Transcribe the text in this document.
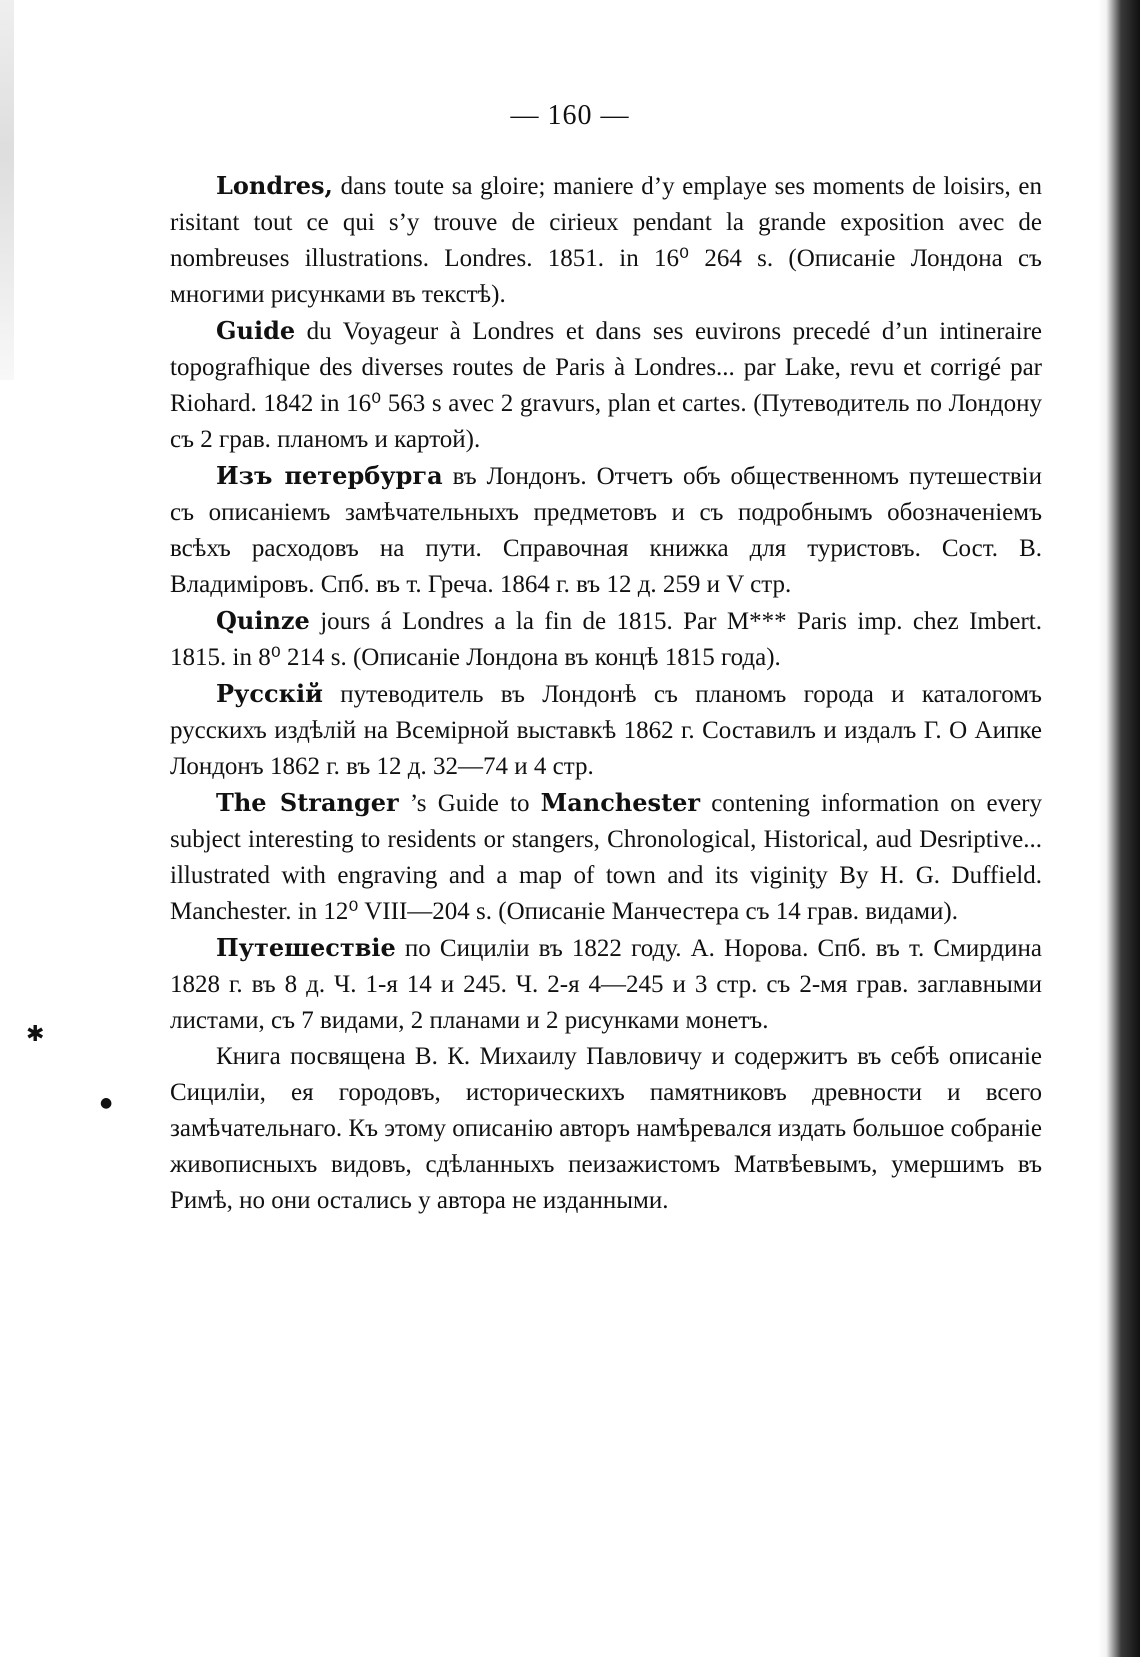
— 160 —

Londres, dans toute sa gloire; maniere d’y emplaye ses moments de loisirs, en risitant tout ce qui s’y trouve de cirieux pendant la grande exposition avec de nombreuses illustrations. Londres. 1851. in 16⁰ 264 s. (Описаніе Лондона съ многими рисунками въ текстѣ).

Guide du Voyageur à Londres et dans ses euvirons precedé d’un intineraire topografhique des diverses routes de Paris à Londres... par Lake, revu et corrigé par Riohard. 1842 in 16⁰ 563 s avec 2 gravurs, plan et cartes. (Путеводитель по Лондону съ 2 грав. планомъ и картой).

Изъ петербурга въ Лондонъ. Отчетъ объ общественномъ путешествіи съ описаніемъ замѣчательныхъ предметовъ и съ подробнымъ обозначеніемъ всѣхъ расходовъ на пути. Справочная книжка для туристовъ. Сост. В. Владиміровъ. Спб. въ т. Греча. 1864 г. въ 12 д. 259 и V стр.

Quinze jours á Londres a la fin de 1815. Par M*** Paris imp. chez Imbert. 1815. in 8⁰ 214 s. (Описаніе Лондона въ концѣ 1815 года).

Русскій путеводитель въ Лондонѣ съ планомъ города и каталогомъ русскихъ издѣлій на Всемірной выставкѣ 1862 г. Составилъ и издалъ Г. О Аипке Лондонъ 1862 г. въ 12 д. 32—74 и 4 стр.

The Stranger ’s Guide to Manchester contening information on every subject interesting to residents or stangers, Chronological, Historical, aud Desriptive... illustrated with engraving and a map of town and its viginiţy By H. G. Duffield. Manchester. in 12⁰ VIII—204 s. (Описаніе Манчестера съ 14 грав. видами).

Путешествіе по Сициліи въ 1822 году. А. Норова. Спб. въ т. Смирдина 1828 г. въ 8 д. Ч. 1-я 14 и 245. Ч. 2-я 4—245 и 3 стр. съ 2-мя грав. заглавными листами, съ 7 видами, 2 планами и 2 рисунками монетъ.

Книга посвящена В. К. Михаилу Павловичу и содержитъ въ себѣ описаніе Сициліи, ея городовъ, историческихъ памятниковъ древности и всего замѣчательнаго. Къ этому описанію авторъ намѣревался издать большое собраніе живописныхъ видовъ, сдѣланныхъ пеизажистомъ Матвѣевымъ, умершимъ въ Римѣ, но они остались у автора не изданными.

✱
●
